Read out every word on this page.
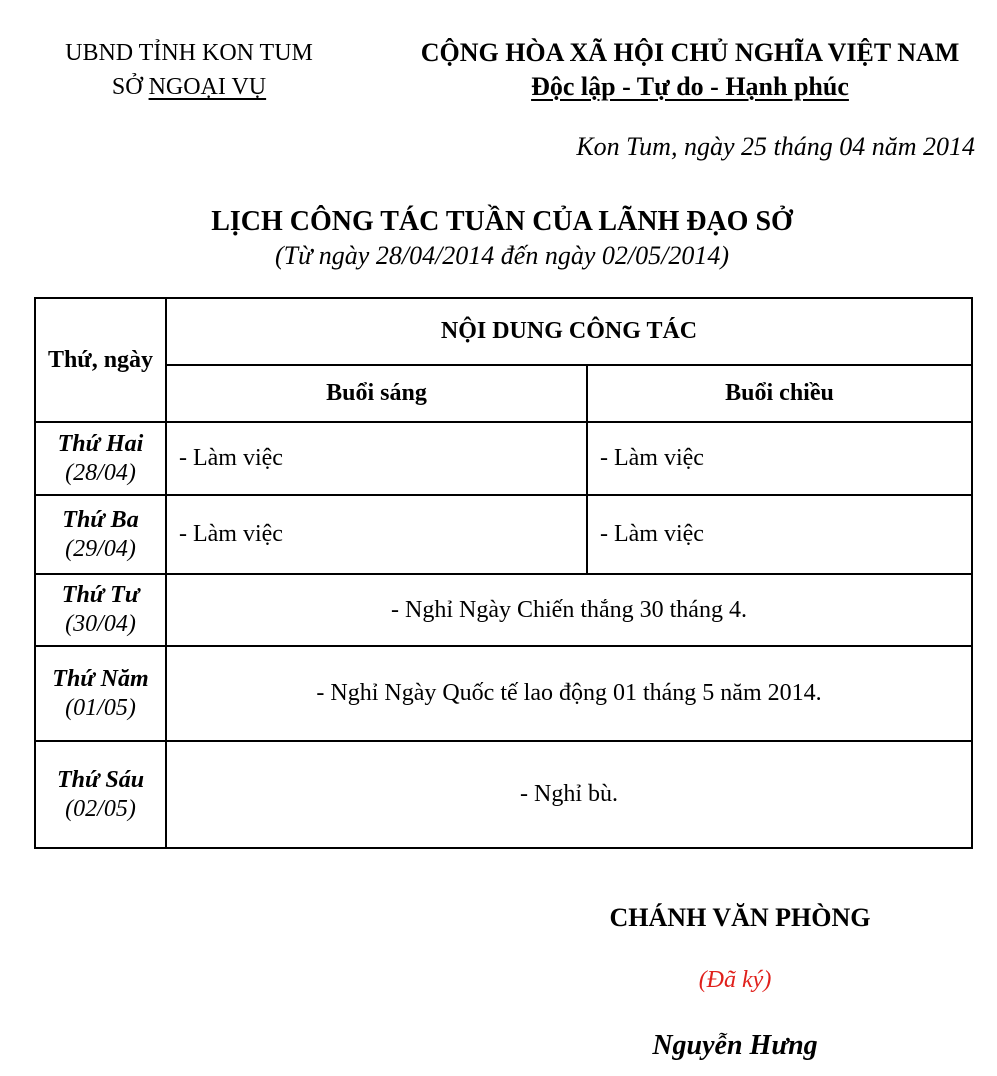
UBND TỈNH KON TUM
SỞ NGOẠI VỤ
CỘNG HÒA XÃ HỘI CHỦ NGHĨA VIỆT NAM
Độc lập - Tự do - Hạnh phúc
Kon Tum, ngày 25 tháng 04 năm 2014
LỊCH CÔNG TÁC TUẦN CỦA LÃNH ĐẠO SỞ
(Từ ngày 28/04/2014 đến ngày 02/05/2014)
Thứ, ngày	NỘI DUNG CÔNG TÁC	
	Buổi sáng	Buổi chiều

Thứ Hai
(28/04)	- Làm việc	- Làm việc

Thứ Ba
(29/04)	- Làm việc	- Làm việc

Thứ Tư
(30/04)	- Nghỉ Ngày Chiến thắng 30 tháng 4.	

Thứ Năm
(01/05)	- Nghỉ Ngày Quốc tế lao động 01 tháng 5 năm 2014.	

Thứ Sáu
(02/05)	- Nghỉ bù.	
CHÁNH VĂN PHÒNG
(Đã ký)
Nguyễn Hưng
